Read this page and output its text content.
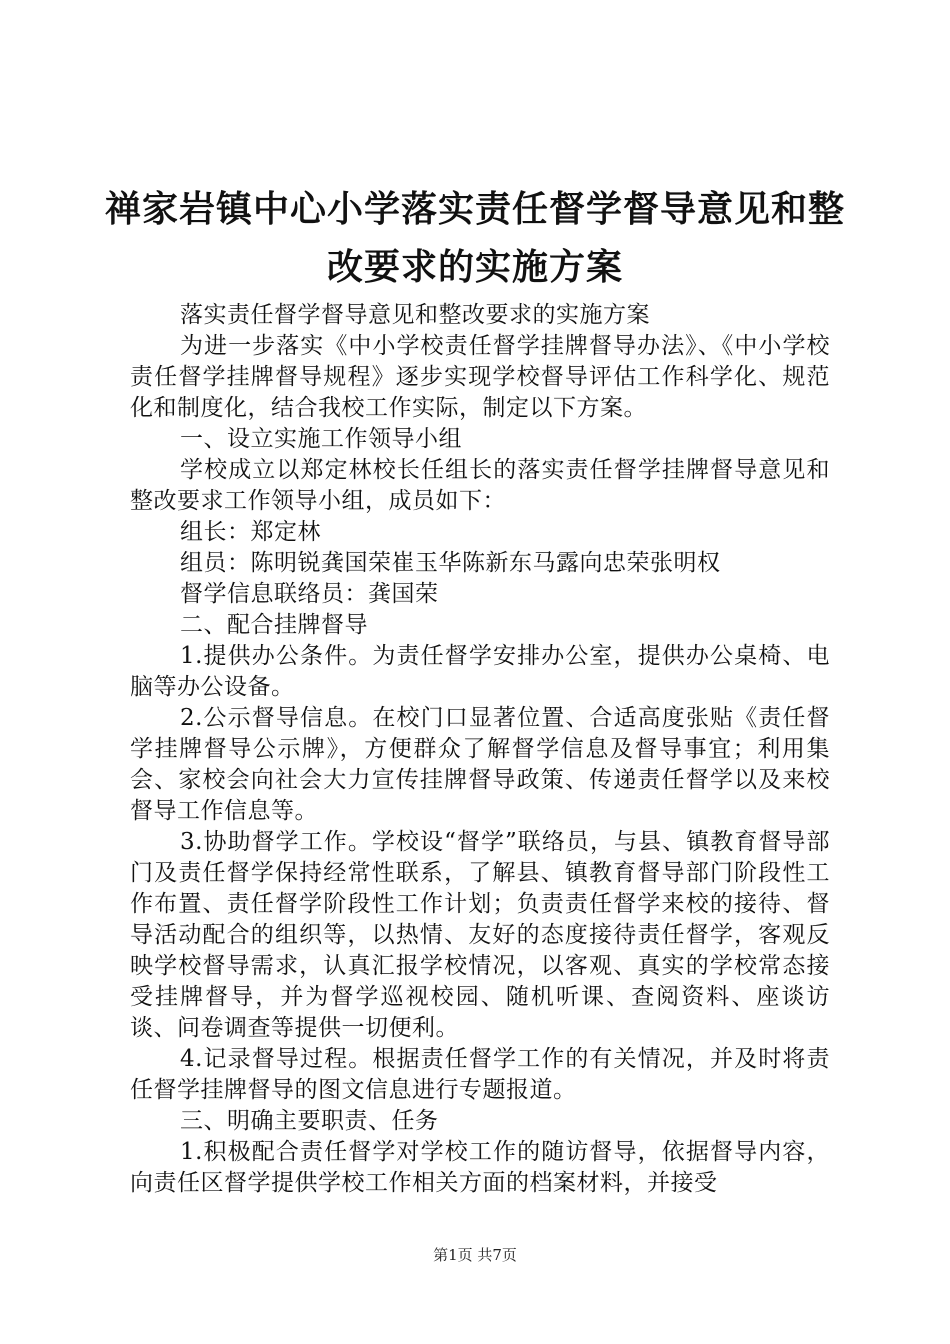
禅家岩镇中心小学落实责任督学督导意见和整
改要求的实施方案

落实责任督学督导意见和整改要求的实施方案

为进一步落实《中小学校责任督学挂牌督导办法》、《中小学校责任督学挂牌督导规程》逐步实现学校督导评估工作科学化、规范化和制度化，结合我校工作实际，制定以下方案。

一、设立实施工作领导小组

学校成立以郑定林校长任组长的落实责任督学挂牌督导意见和整改要求工作领导小组，成员如下：

组长：郑定林

组员：陈明锐龚国荣崔玉华陈新东马露向忠荣张明权

督学信息联络员：龚国荣

二、配合挂牌督导

1.提供办公条件。为责任督学安排办公室，提供办公桌椅、电脑等办公设备。

2.公示督导信息。在校门口显著位置、合适高度张贴《责任督学挂牌督导公示牌》，方便群众了解督学信息及督导事宜；利用集会、家校会向社会大力宣传挂牌督导政策、传递责任督学以及来校督导工作信息等。

3.协助督学工作。学校设“督学”联络员，与县、镇教育督导部门及责任督学保持经常性联系，了解县、镇教育督导部门阶段性工作布置、责任督学阶段性工作计划；负责责任督学来校的接待、督导活动配合的组织等，以热情、友好的态度接待责任督学，客观反映学校督导需求，认真汇报学校情况，以客观、真实的学校常态接受挂牌督导，并为督学巡视校园、随机听课、查阅资料、座谈访谈、问卷调查等提供一切便利。

4.记录督导过程。根据责任督学工作的有关情况，并及时将责任督学挂牌督导的图文信息进行专题报道。

三、明确主要职责、任务

1.积极配合责任督学对学校工作的随访督导，依据督导内容，向责任区督学提供学校工作相关方面的档案材料，并接受

第1页 共7页
